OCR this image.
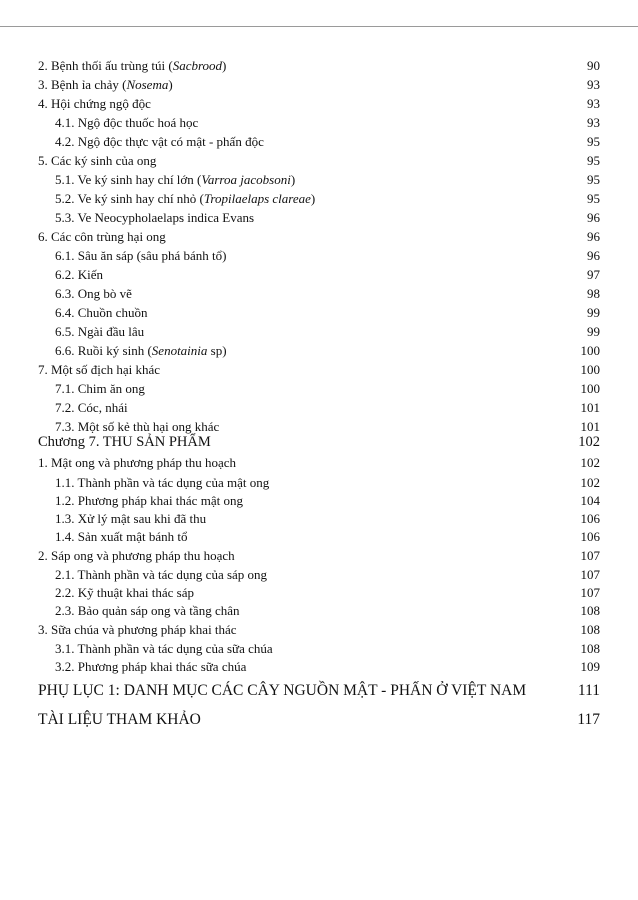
2. Bệnh thối ấu trùng túi (Sacbrood)	90
3. Bệnh ỉa chảy (Nosema)	93
4. Hội chứng ngộ độc	93
4.1. Ngộ độc thuốc hoá học	93
4.2. Ngộ độc thực vật có mật - phấn độc	95
5. Các ký sinh của ong	95
5.1. Ve ký sinh hay chí lớn (Varroa jacobsoni)	95
5.2. Ve ký sinh hay chí nhỏ (Tropilaelaps clareae)	95
5.3. Ve Neocypholaelaps indica Evans	96
6. Các côn trùng hại ong	96
6.1. Sâu ăn sáp (sâu phá bánh tổ)	96
6.2. Kiến	97
6.3. Ong bò vẽ	98
6.4. Chuồn chuồn	99
6.5. Ngài đầu lâu	99
6.6. Ruồi ký sinh (Senotainia sp)	100
7. Một số địch hại khác	100
7.1. Chim ăn ong	100
7.2. Cóc, nhái	101
7.3. Một số kẻ thù hại ong khác	101
Chương 7. THU SẢN PHẨM	102
1. Mật ong và phương pháp thu hoạch	102
1.1. Thành phần và tác dụng của mật ong	102
1.2. Phương pháp khai thác mật ong	104
1.3. Xử lý mật sau khi đã thu	106
1.4. Sản xuất mật bánh tổ	106
2. Sáp ong và phương pháp thu hoạch	107
2.1. Thành phần và tác dụng của sáp ong	107
2.2. Kỹ thuật khai thác sáp	107
2.3. Bảo quản sáp ong và tầng chân	108
3. Sữa chúa và phương pháp khai thác	108
3.1. Thành phần và tác dụng của sữa chúa	108
3.2. Phương pháp khai thác sữa chúa	109
PHỤ LỤC 1: DANH MỤC CÁC CÂY NGUỒN MẬT - PHẤN Ở VIỆT NAM	111
TÀI LIỆU THAM KHẢO	117
